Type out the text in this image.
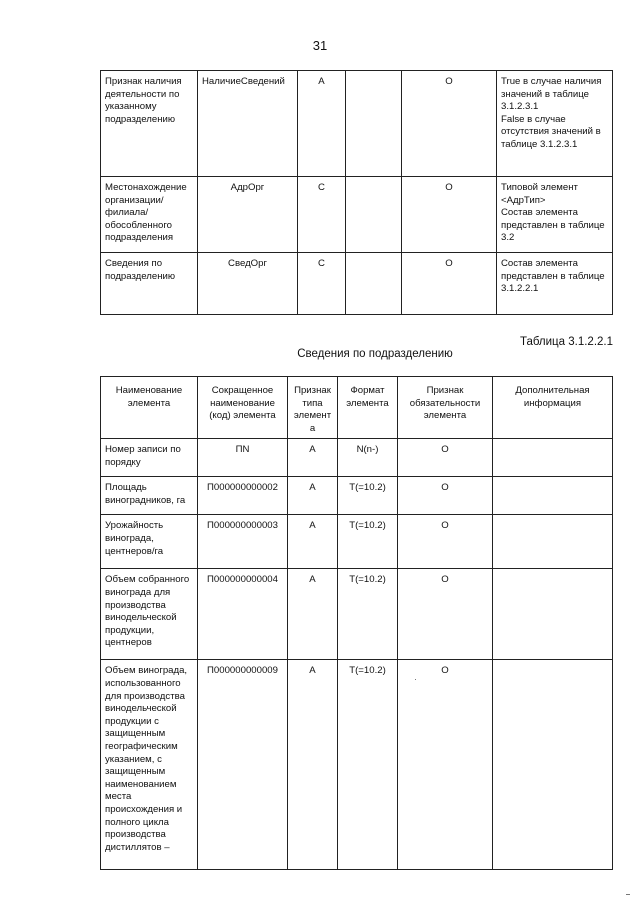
31
Признак наличия деятельности по указанному подразделению	НаличиеСведений	А		О	True в случае наличия значений в таблице 3.1.2.3.1
False в случае отсутствия значений в таблице 3.1.2.3.1
Местонахождение организации/ филиала/ обособленного подразделения	АдрОрг	С		О	Типовой элемент <АдрТип>
Состав элемента представлен в таблице 3.2
Сведения по подразделению	СведОрг	С		О	Состав элемента представлен в таблице 3.1.2.2.1
Таблица 3.1.2.2.1
Сведения по подразделению
Наименование элемента	Сокращенное наименование (код) элемента	Признак типа элемента	Формат элемента	Признак обязательности элемента	Дополнительная информация
Номер записи по порядку	ПN	А	N(n-)	О	
Площадь виноградников, га	П000000000002	А	T(=10.2)	О	
Урожайность винограда, центнеров/га	П000000000003	А	T(=10.2)	О	
Объем собранного винограда для производства винодельческой продукции, центнеров	П000000000004	А	T(=10.2)	О	
Объем винограда, использованного для производства винодельческой продукции с защищенным географическим указанием, с защищенным наименованием места происхождения и полного цикла производства дистиллятов –	П000000000009	А	T(=10.2)	О	
